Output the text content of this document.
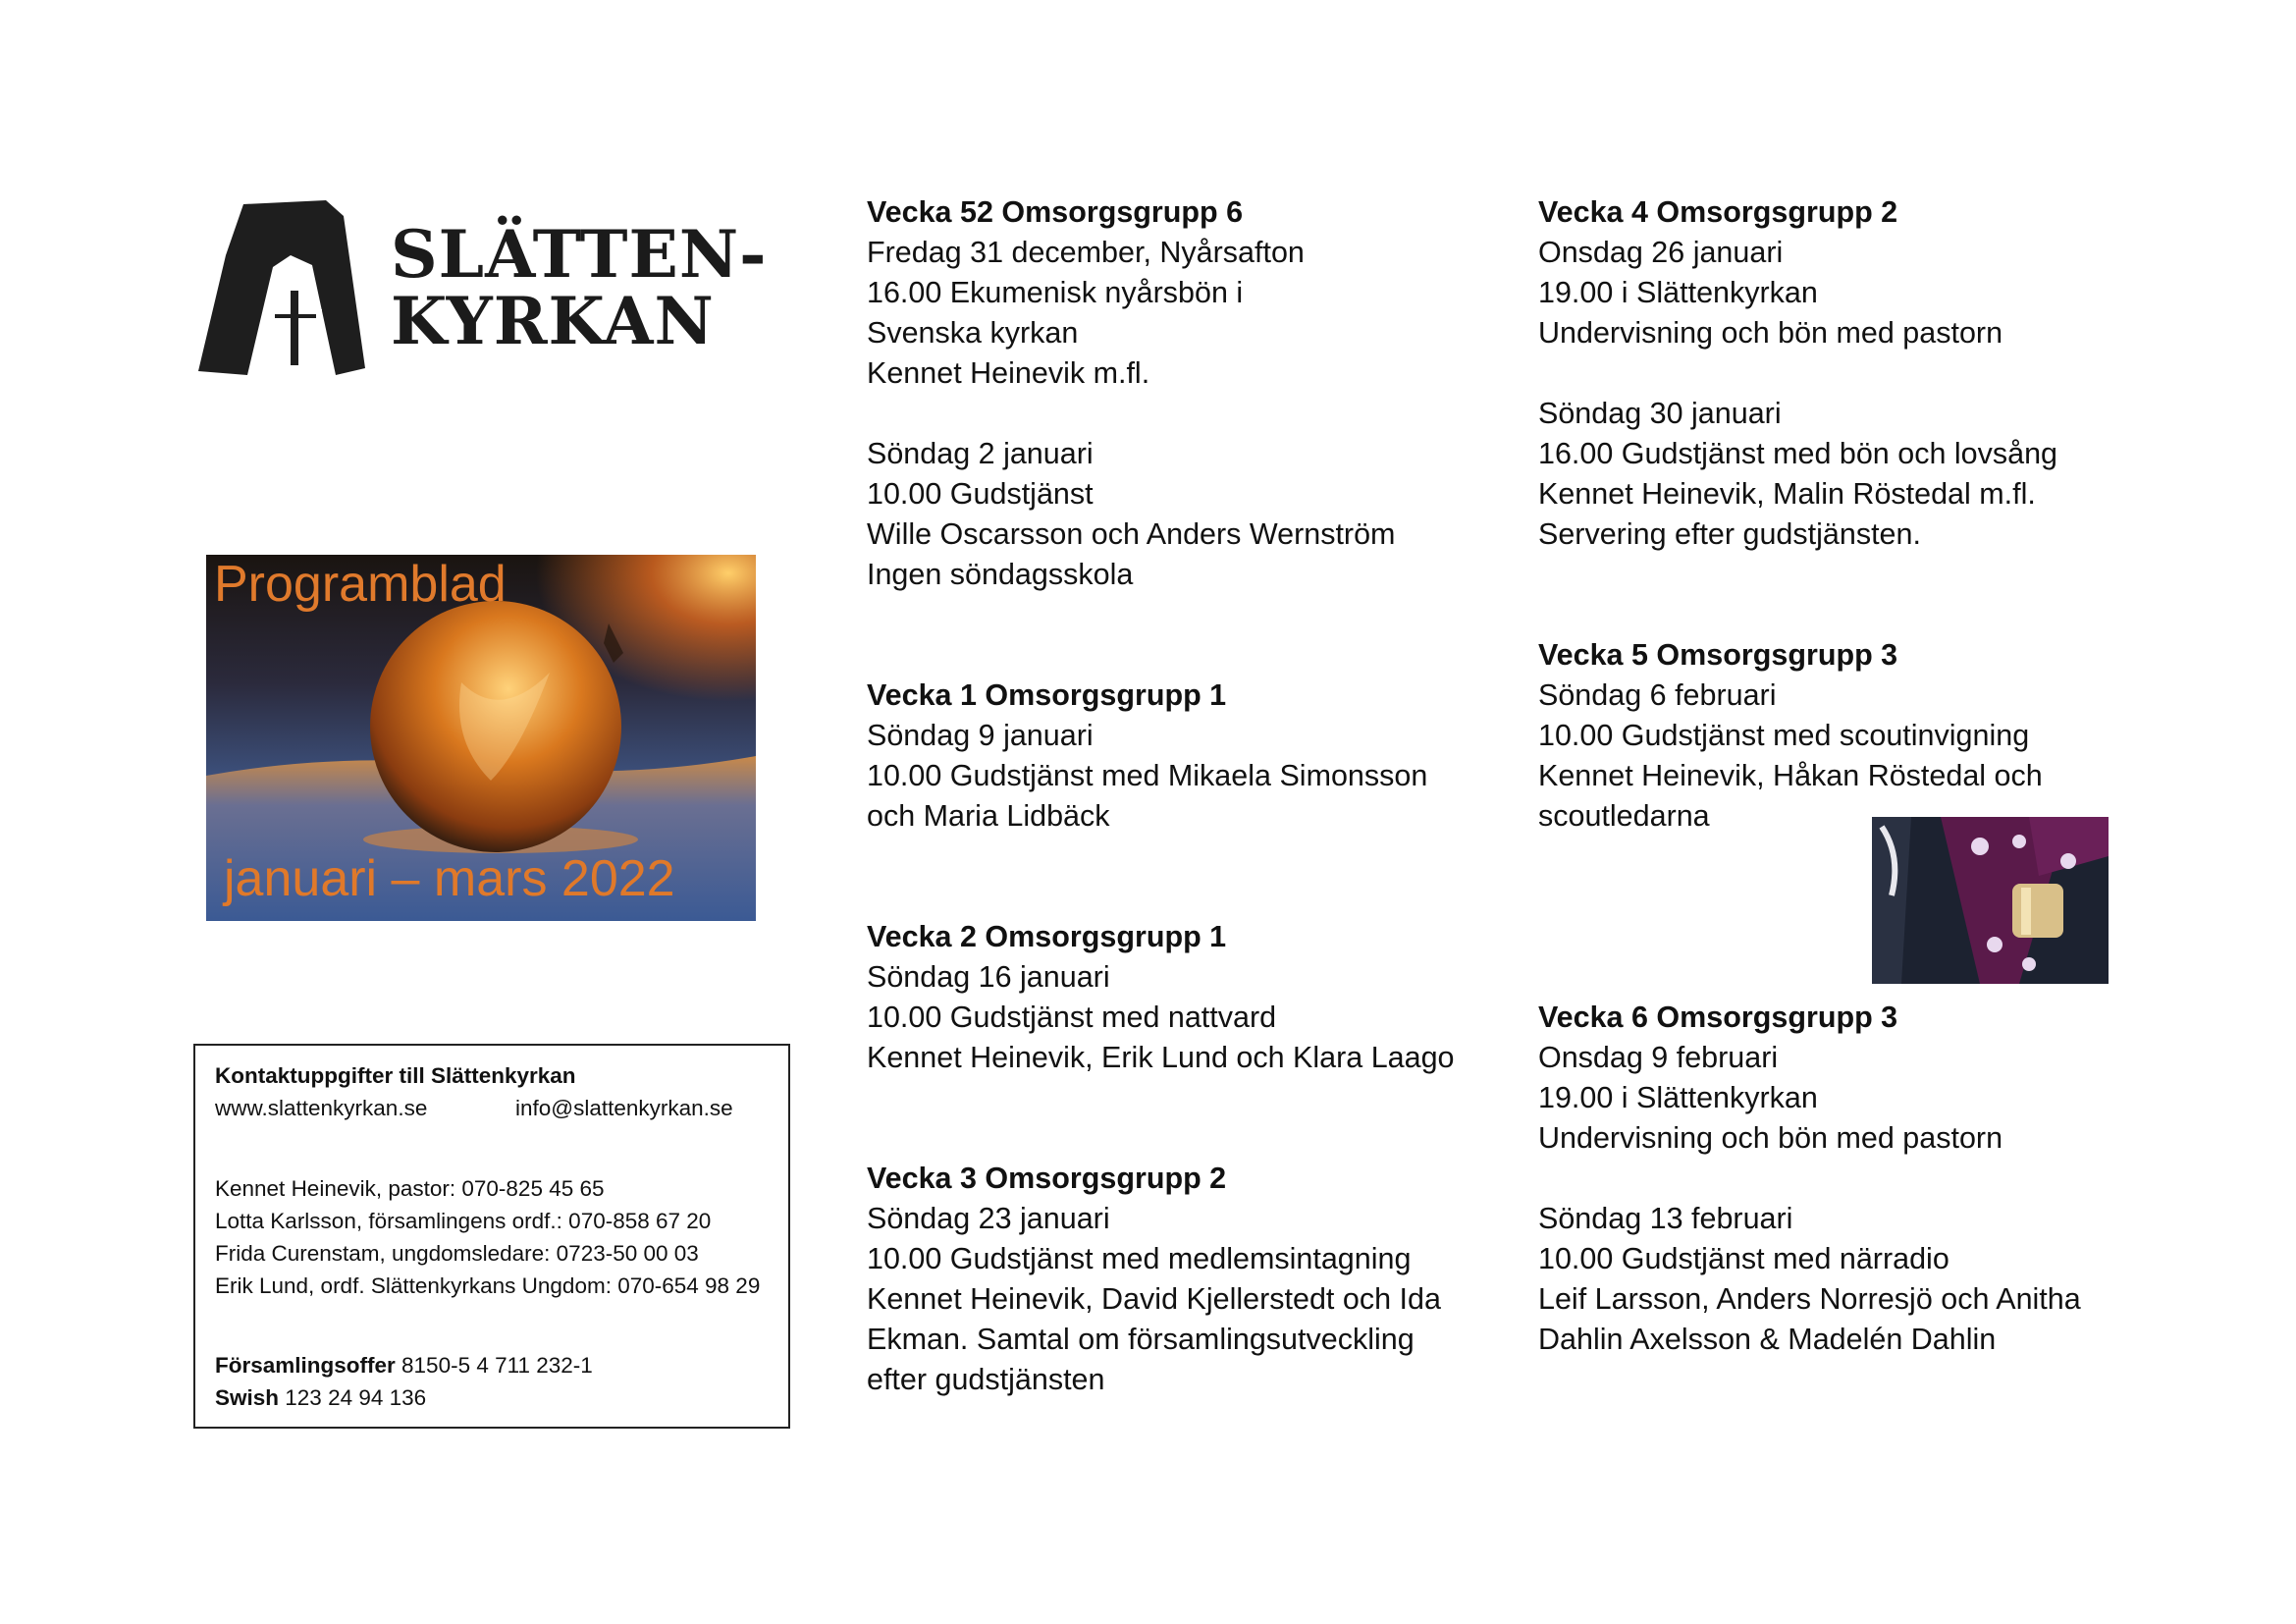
SLÄTTEN-
KYRKAN
Programblad
januari – mars 2022
Kontaktuppgifter till Slättenkyrkan
www.slattenkyrkan.se	info@slattenkyrkan.se
Kennet Heinevik, pastor: 070-825 45 65
Lotta Karlsson, församlingens ordf.: 070-858 67 20
Frida Curenstam, ungdomsledare: 0723-50 00 03
Erik Lund, ordf. Slättenkyrkans Ungdom: 070-654 98 29
Församlingsoffer 8150-5 4 711 232-1
Swish 123 24 94 136

Vecka 52 Omsorgsgrupp 6

Fredag 31 december, Nyårsafton

16.00 Ekumenisk nyårsbön i

Svenska kyrkan

Kennet Heinevik m.fl.

Söndag 2 januari

10.00 Gudstjänst

Wille Oscarsson och Anders Wernström

Ingen söndagsskola

Vecka 1 Omsorgsgrupp 1

Söndag 9 januari

10.00 Gudstjänst med Mikaela Simonsson

och Maria Lidbäck

Vecka 2 Omsorgsgrupp 1

Söndag 16 januari

10.00 Gudstjänst med nattvard

Kennet Heinevik, Erik Lund och Klara Laago

Vecka 3 Omsorgsgrupp 2

Söndag 23 januari

10.00 Gudstjänst med medlemsintagning

Kennet Heinevik, David Kjellerstedt och Ida

Ekman. Samtal om församlingsutveckling

efter gudstjänsten

Vecka 4 Omsorgsgrupp 2

Onsdag 26 januari

19.00 i Slättenkyrkan

Undervisning och bön med pastorn

Söndag 30 januari

16.00 Gudstjänst med bön och lovsång

Kennet Heinevik, Malin Röstedal m.fl.

Servering efter gudstjänsten.

Vecka 5 Omsorgsgrupp 3

Söndag 6 februari

10.00 Gudstjänst med scoutinvigning

Kennet Heinevik, Håkan Röstedal och

scoutledarna

Vecka 6 Omsorgsgrupp 3

Onsdag 9 februari

19.00 i Slättenkyrkan

Undervisning och bön med pastorn

Söndag 13 februari

10.00 Gudstjänst med närradio

Leif Larsson, Anders Norresjö och Anitha

Dahlin Axelsson & Madelén Dahlin
